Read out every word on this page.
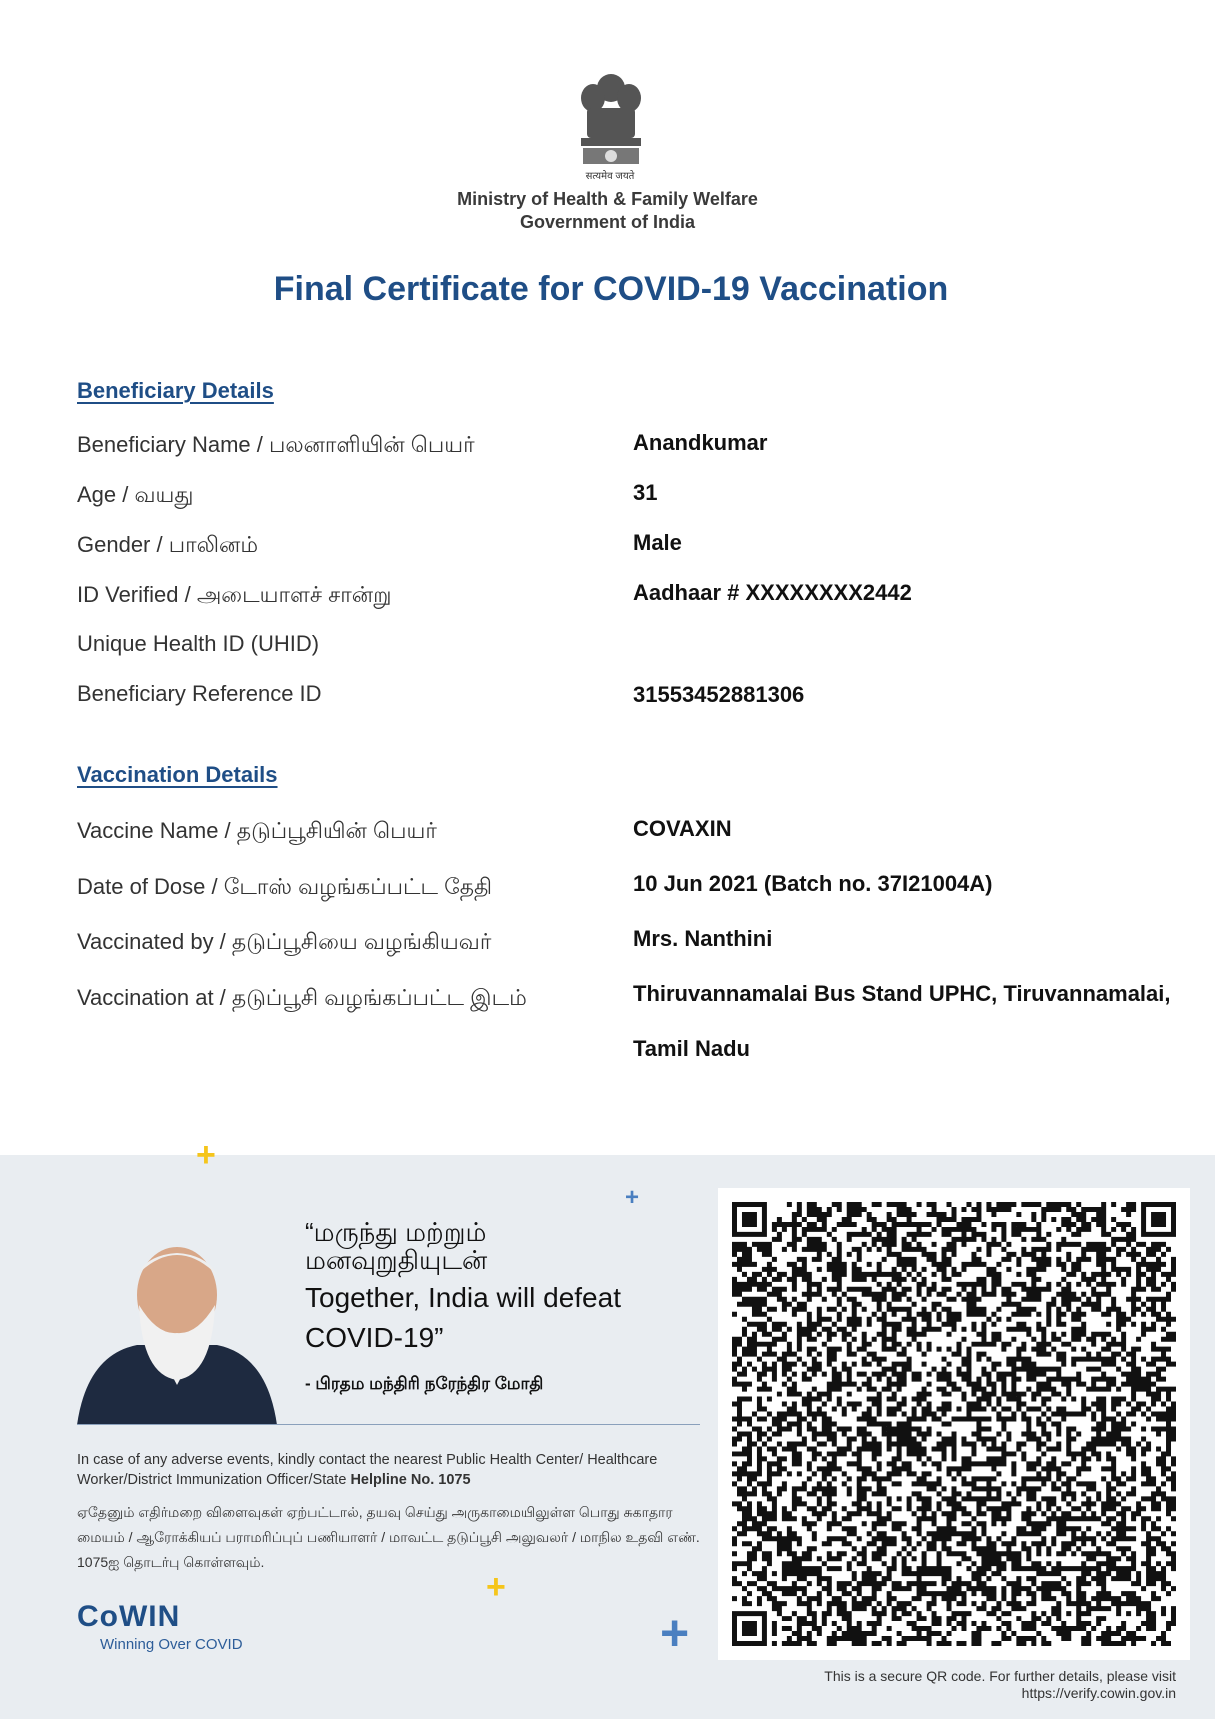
सत्यमेव जयते
Ministry of Health & Family Welfare
Government of India
Final Certificate for COVID-19 Vaccination
Beneficiary Details
Beneficiary Name / பலனாளியின் பெயர்	Anandkumar
Age / வயது	31
Gender / பாலினம்	Male
ID Verified / அடையாளச் சான்று	Aadhaar # XXXXXXXX2442
Unique Health ID (UHID)
Beneficiary Reference ID	31553452881306
Vaccination Details
Vaccine Name / தடுப்பூசியின் பெயர்	COVAXIN
Date of Dose / டோஸ் வழங்கப்பட்ட தேதி	10 Jun 2021 (Batch no. 37I21004A)
Vaccinated by / தடுப்பூசியை வழங்கியவர்	Mrs. Nanthini
Vaccination at / தடுப்பூசி வழங்கப்பட்ட இடம்	Thiruvannamalai Bus Stand UPHC, Tiruvannamalai,
Tamil Nadu
+
+
+
+
“மருந்து மற்றும் மனவுறுதியுடன்
Together, India will defeat COVID-19”
- பிரதம மந்திரி நரேந்திர மோதி
In case of any adverse events, kindly contact the nearest Public Health Center/ Healthcare Worker/District Immunization Officer/State Helpline No. 1075
ஏதேனும் எதிர்மறை விளைவுகள் ஏற்பட்டால், தயவு செய்து அருகாமையிலுள்ள பொது சுகாதார மையம் / ஆரோக்கியப் பராமரிப்புப் பணியாளர் / மாவட்ட தடுப்பூசி அலுவலர் / மாநில உதவி எண். 1075ஐ தொடர்பு கொள்ளவும்.
CoWIN
Winning Over COVID
This is a secure QR code. For further details, please visit
https://verify.cowin.gov.in
